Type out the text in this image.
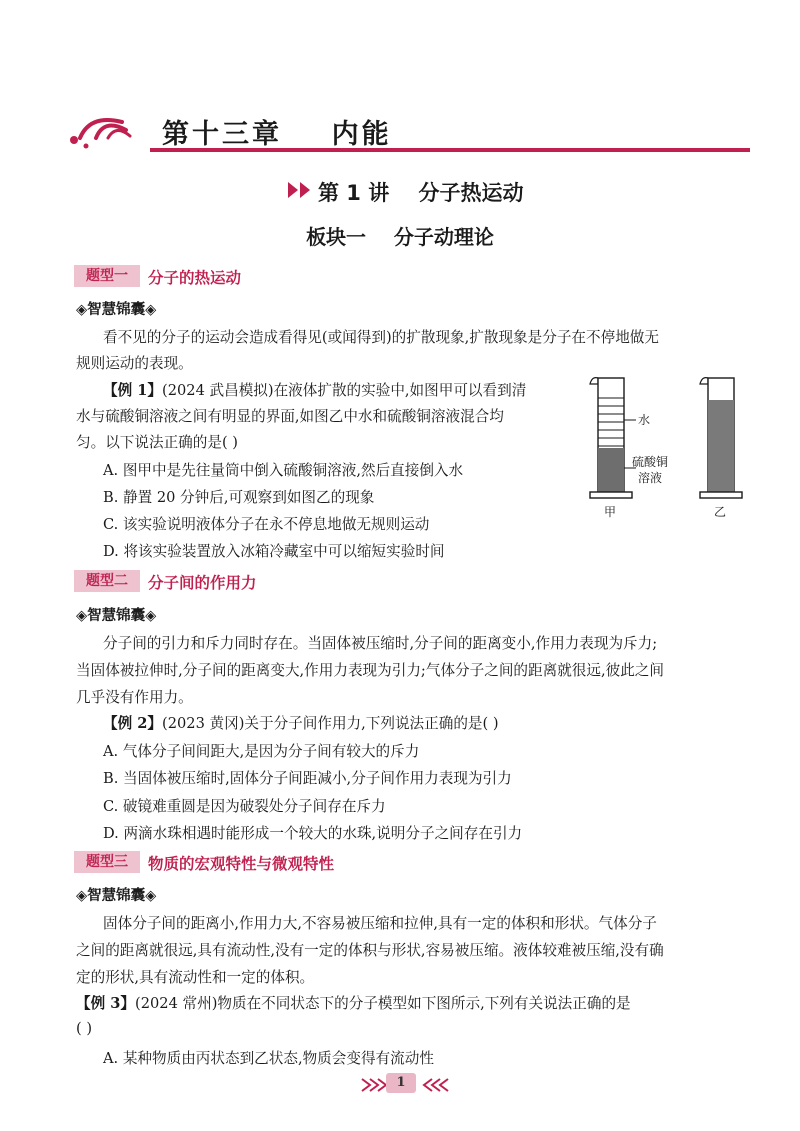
第十三章    内能
第 1 讲    分子热运动
板块一    分子动理论
题型一	分子的热运动
◈智慧锦囊◈
看不见的分子的运动会造成看得见(或闻得到)的扩散现象,扩散现象是分子在不停地做无
规则运动的表现。
【例 1】(2024 武昌模拟)在液体扩散的实验中,如图甲可以看到清
水与硫酸铜溶液之间有明显的界面,如图乙中水和硫酸铜溶液混合均
匀。以下说法正确的是( )
A. 图甲中是先往量筒中倒入硫酸铜溶液,然后直接倒入水
B. 静置 20 分钟后,可观察到如图乙的现象
C. 该实验说明液体分子在永不停息地做无规则运动
D. 将该实验装置放入冰箱冷藏室中可以缩短实验时间
水
硫酸铜
溶液
甲	乙
题型二	分子间的作用力
◈智慧锦囊◈
分子间的引力和斥力同时存在。当固体被压缩时,分子间的距离变小,作用力表现为斥力;
当固体被拉伸时,分子间的距离变大,作用力表现为引力;气体分子之间的距离就很远,彼此之间
几乎没有作用力。
【例 2】(2023 黄冈)关于分子间作用力,下列说法正确的是( )
A. 气体分子间间距大,是因为分子间有较大的斥力
B. 当固体被压缩时,固体分子间距减小,分子间作用力表现为引力
C. 破镜难重圆是因为破裂处分子间存在斥力
D. 两滴水珠相遇时能形成一个较大的水珠,说明分子之间存在引力
题型三	物质的宏观特性与微观特性
◈智慧锦囊◈
固体分子间的距离小,作用力大,不容易被压缩和拉伸,具有一定的体积和形状。气体分子
之间的距离就很远,具有流动性,没有一定的体积与形状,容易被压缩。液体较难被压缩,没有确
定的形状,具有流动性和一定的体积。
【例 3】(2024 常州)物质在不同状态下的分子模型如下图所示,下列有关说法正确的是
( )
A. 某种物质由丙状态到乙状态,物质会变得有流动性
1
